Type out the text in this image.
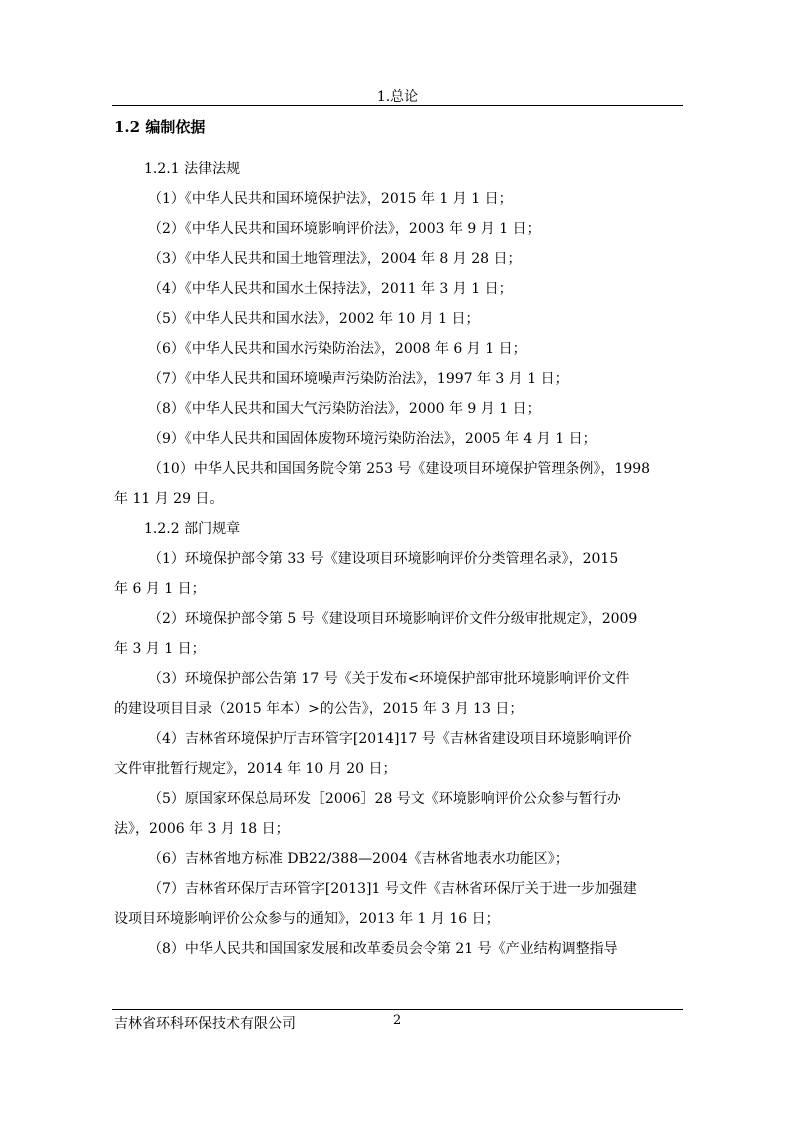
1.总论
1.2 编制依据

1.2.1 法律法规

（1）《中华人民共和国环境保护法》，2015 年 1 月 1 日；

（2）《中华人民共和国环境影响评价法》，2003 年 9 月 1 日；

（3）《中华人民共和国土地管理法》，2004 年 8 月 28 日；

（4）《中华人民共和国水土保持法》，2011 年 3 月 1 日；

（5）《中华人民共和国水法》，2002 年 10 月 1 日；

（6）《中华人民共和国水污染防治法》，2008 年 6 月 1 日；

（7）《中华人民共和国环境噪声污染防治法》，1997 年 3 月 1 日；

（8）《中华人民共和国大气污染防治法》，2000 年 9 月 1 日；

（9）《中华人民共和国固体废物环境污染防治法》，2005 年 4 月 1 日；

（10）中华人民共和国国务院令第 253 号《建设项目环境保护管理条例》，1998

年 11 月 29 日。

1.2.2 部门规章

（1）环境保护部令第 33 号《建设项目环境影响评价分类管理名录》，2015

年 6 月 1 日；

（2）环境保护部令第 5 号《建设项目环境影响评价文件分级审批规定》，2009

年 3 月 1 日；

（3）环境保护部公告第 17 号《关于发布<环境保护部审批环境影响评价文件

的建设项目目录（2015 年本）>的公告》，2015 年 3 月 13 日；

（4）吉林省环境保护厅吉环管字[2014]17 号《吉林省建设项目环境影响评价

文件审批暂行规定》，2014 年 10 月 20 日；

（5）原国家环保总局环发［2006］28 号文《环境影响评价公众参与暂行办

法》，2006 年 3 月 18 日；

（6）吉林省地方标准 DB22/388—2004《吉林省地表水功能区》；

（7）吉林省环保厅吉环管字[2013]1 号文件《吉林省环保厅关于进一步加强建

设项目环境影响评价公众参与的通知》，2013 年 1 月 16 日；

（8）中华人民共和国国家发展和改革委员会令第 21 号《产业结构调整指导

吉林省环科环保技术有限公司	2
